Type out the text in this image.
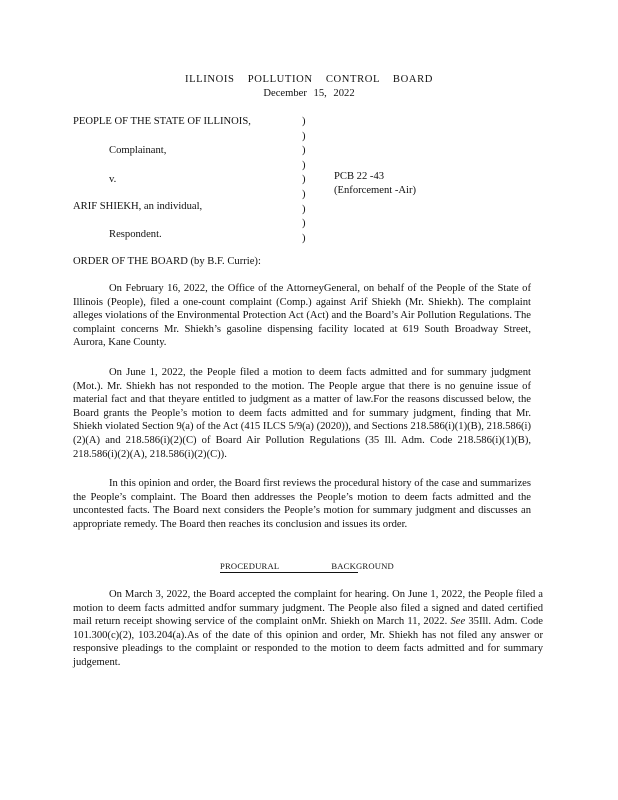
ILLINOIS POLLUTION CONTROL BOARD
December 15, 2022
PEOPLE OF THE STATE OF ILLINOIS,
Complainant,
v.
ARIF SHIEKH, an individual,
Respondent.
)
)
)
)
)
)
)
)
)
PCB 22 -43
(Enforcement -Air)
ORDER OF THE BOARD (by B.F. Currie):

On February 16, 2022, the Office of the AttorneyGeneral, on behalf of the People of the State of Illinois (People), filed a one-count complaint (Comp.) against Arif Shiekh (Mr. Shiekh). The complaint alleges violations of the Environmental Protection Act (Act) and the Board’s Air Pollution Regulations. The complaint concerns Mr. Shiekh’s gasoline dispensing facility located at 619 South Broadway Street, Aurora, Kane County.

On June 1, 2022, the People filed a motion to deem facts admitted and for summary judgment (Mot.). Mr. Shiekh has not responded to the motion. The People argue that there is no genuine issue of material fact and that theyare entitled to judgment as a matter of law.For the reasons discussed below, the Board grants the People’s motion to deem facts admitted and for summary judgment, finding that Mr. Shiekh violated Section 9(a) of the Act (415 ILCS 5/9(a) (2020)), and Sections 218.586(i)(1)(B), 218.586(i)(2)(A) and 218.586(i)(2)(C) of Board Air Pollution Regulations (35 Ill. Adm. Code 218.586(i)(1)(B), 218.586(i)(2)(A), 218.586(i)(2)(C)).

In this opinion and order, the Board first reviews the procedural history of the case and summarizes the People’s complaint. The Board then addresses the People’s motion to deem facts admitted and the uncontested facts. The Board next considers the People’s motion for summary judgment and discusses an appropriate remedy. The Board then reaches its conclusion and issues its order.

PROCEDURAL	BACKGROUND

On March 3, 2022, the Board accepted the complaint for hearing. On June 1, 2022, the People filed a motion to deem facts admitted andfor summary judgment. The People also filed a signed and dated certified mail return receipt showing service of the complaint onMr. Shiekh on March 11, 2022. See 35Ill. Adm. Code 101.300(c)(2), 103.204(a).As of the date of this opinion and order, Mr. Shiekh has not filed any answer or responsive pleadings to the complaint or responded to the motion to deem facts admitted and for summary judgement.
